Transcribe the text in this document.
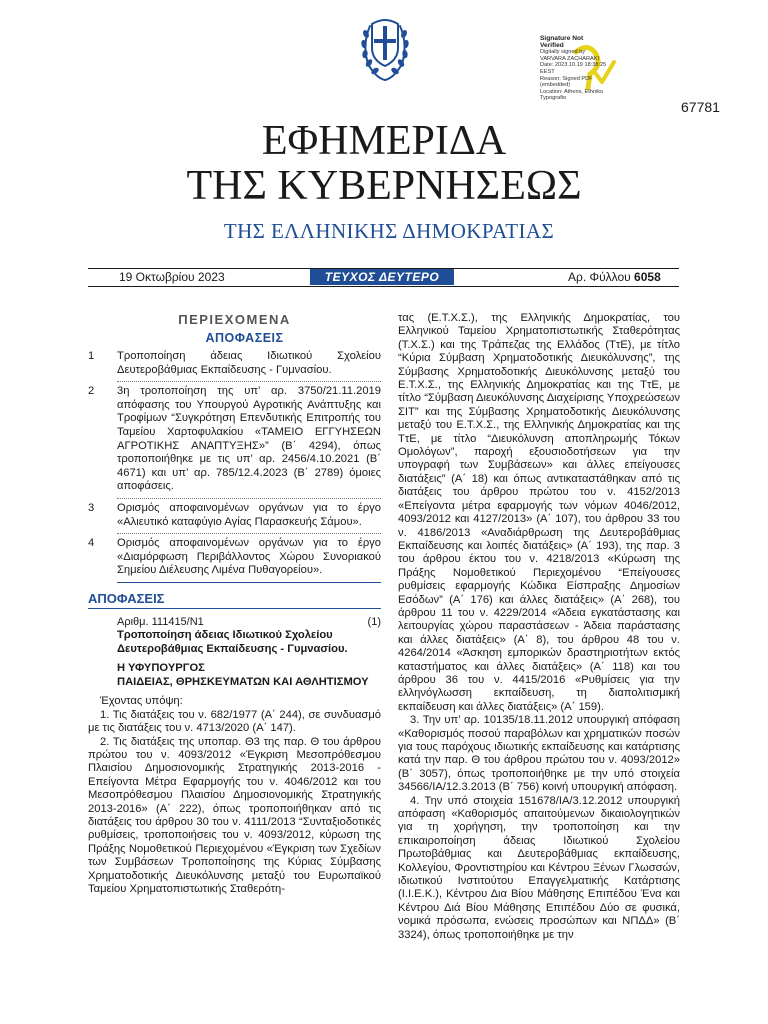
Signature Not
Verified
Digitally signed by
VARVARA ZACHARAKI
Date: 2023.10.19 18:38:25
EEST
Reason: Signed PDF
(embedded)
Location: Athens, Ethniko
Typografio
67781
ΕΦΗΜΕΡΙΔΑ
ΤΗΣ ΚΥΒΕΡΝΗΣΕΩΣ
ΤΗΣ ΕΛΛΗΝΙΚΗΣ ΔΗΜΟΚΡΑΤΙΑΣ
19 Οκτωβρίου 2023	ΤΕΥΧΟΣ ΔΕΥΤΕΡΟ	Αρ. Φύλλου 6058
ΠΕΡΙΕΧΟΜΕΝΑ
ΑΠΟΦΑΣΕΙΣ
1 Τροποποίηση άδειας Ιδιωτικού Σχολείου Δευτεροβάθμιας Εκπαίδευσης - Γυμνασίου.
2 3η τροποποίηση της υπ’ αρ. 3750/21.11.2019 απόφασης του Υπουργού Αγροτικής Ανάπτυξης και Τροφίμων “Συγκρότηση Επενδυτικής Επιτροπής του Ταμείου Χαρτοφυλακίου «ΤΑΜΕΙΟ ΕΓΓΥΗΣΕΩΝ ΑΓΡΟΤΙΚΗΣ ΑΝΑΠΤΥΞΗΣ»” (Β΄ 4294), όπως τροποποιήθηκε με τις υπ’ αρ. 2456/4.10.2021 (Β΄ 4671) και υπ’ αρ. 785/12.4.2023 (Β΄ 2789) όμοιες αποφάσεις.
3 Ορισμός αποφαινομένων οργάνων για το έργο «Αλιευτικό καταφύγιο Αγίας Παρασκευής Σάμου».
4 Ορισμός αποφαινομένων οργάνων για το έργο «Διαμόρφωση Περιβάλλοντος Χώρου Συνοριακού Σημείου Διέλευσης Λιμένα Πυθαγορείου».
ΑΠΟΦΑΣΕΙΣ
Αριθμ. 111415/Ν1	(1)
Τροποποίηση άδειας Ιδιωτικού Σχολείου Δευτεροβάθμιας Εκπαίδευσης - Γυμνασίου.
Η ΥΦΥΠΟΥΡΓΟΣ
ΠΑΙΔΕΙΑΣ, ΘΡΗΣΚΕΥΜΑΤΩΝ ΚΑΙ ΑΘΛΗΤΙΣΜΟΥ
Έχοντας υπόψη:
1. Τις διατάξεις του ν. 682/1977 (Α΄ 244), σε συνδυασμό με τις διατάξεις του ν. 4713/2020 (Α΄ 147).
2. Τις διατάξεις της υποπαρ. Θ3 της παρ. Θ του άρθρου πρώτου του ν. 4093/2012 «Έγκριση Μεσοπρόθεσμου Πλαισίου Δημοσιονομικής Στρατηγικής 2013-2016 - Επείγοντα Μέτρα Εφαρμογής του ν. 4046/2012 και του Μεσοπρόθεσμου Πλαισίου Δημοσιονομικής Στρατηγικής 2013-2016» (Α΄ 222), όπως τροποποιήθηκαν από τις διατάξεις του άρθρου 30 του ν. 4111/2013 “Συνταξιοδοτικές ρυθμίσεις, τροποποιήσεις του ν. 4093/2012, κύρωση της Πράξης Νομοθετικού Περιεχομένου «Έγκριση των Σχεδίων των Συμβάσεων Τροποποίησης της Κύριας Σύμβασης Χρηματοδοτικής Διευκόλυνσης μεταξύ του Ευρωπαϊκού Ταμείου Χρηματοπιστωτικής Σταθερότη-
τας (Ε.Τ.Χ.Σ.), της Ελληνικής Δημοκρατίας, του Ελληνικού Ταμείου Χρηματοπιστωτικής Σταθερότητας (Τ.Χ.Σ.) και της Τράπεζας της Ελλάδος (ΤτΕ), με τίτλο “Κύρια Σύμβαση Χρηματοδοτικής Διευκόλυνσης”, της Σύμβασης Χρηματοδοτικής Διευκόλυνσης μεταξύ του Ε.Τ.Χ.Σ., της Ελληνικής Δημοκρατίας και της ΤτΕ, με τίτλο “Σύμβαση Διευκόλυνσης Διαχείρισης Υποχρεώσεων ΣΙΤ” και της Σύμβασης Χρηματοδοτικής Διευκόλυνσης μεταξύ του Ε.Τ.Χ.Σ., της Ελληνικής Δημοκρατίας και της ΤτΕ, με τίτλο “Διευκόλυνση αποπληρωμής Τόκων Ομολόγων”, παροχή εξουσιοδοτήσεων για την υπογραφή των Συμβάσεων» και άλλες επείγουσες διατάξεις” (Α΄ 18) και όπως αντικαταστάθηκαν από τις διατάξεις του άρθρου πρώτου του ν. 4152/2013 «Επείγοντα μέτρα εφαρμογής των νόμων 4046/2012, 4093/2012 και 4127/2013» (Α΄ 107), του άρθρου 33 του ν. 4186/2013 «Αναδιάρθρωση της Δευτεροβάθμιας Εκπαίδευσης και λοιπές διατάξεις» (Α΄ 193), της παρ. 3 του άρθρου έκτου του ν. 4218/2013 «Κύρωση της Πράξης Νομοθετικού Περιεχομένου “Επείγουσες ρυθμίσεις εφαρμογής Κώδικα Είσπραξης Δημοσίων Εσόδων” (Α΄ 176) και άλλες διατάξεις» (Α΄ 268), του άρθρου 11 του ν. 4229/2014 «Άδεια εγκατάστασης και λειτουργίας χώρου παραστάσεων - Άδεια παράστασης και άλλες διατάξεις» (Α΄ 8), του άρθρου 48 του ν. 4264/2014 «Άσκηση εμπορικών δραστηριοτήτων εκτός καταστήματος και άλλες διατάξεις» (Α΄ 118) και του άρθρου 36 του ν. 4415/2016 «Ρυθμίσεις για την ελληνόγλωσση εκπαίδευση, τη διαπολιτισμική εκπαίδευση και άλλες διατάξεις» (Α΄ 159).
3. Την υπ’ αρ. 10135/18.11.2012 υπουργική απόφαση «Καθορισμός ποσού παραβόλων και χρηματικών ποσών για τους παρόχους ιδιωτικής εκπαίδευσης και κατάρτισης κατά την παρ. Θ του άρθρου πρώτου του ν. 4093/2012» (Β΄ 3057), όπως τροποποιήθηκε με την υπό στοιχεία 34566/ΙΑ/12.3.2013 (Β΄ 756) κοινή υπουργική απόφαση.
4. Την υπό στοιχεία 151678/ΙΑ/3.12.2012 υπουργική απόφαση «Καθορισμός απαιτούμενων δικαιολογητικών για τη χορήγηση, την τροποποίηση και την επικαιροποίηση άδειας Ιδιωτικού Σχολείου Πρωτοβάθμιας και Δευτεροβάθμιας εκπαίδευσης, Κολλεγίου, Φροντιστηρίου και Κέντρου Ξένων Γλωσσών, ιδιωτικού Ινστιτούτου Επαγγελματικής Κατάρτισης (Ι.Ι.Ε.Κ.), Κέντρου Δια Βίου Μάθησης Επιπέδου Ένα και Κέντρου Διά Βίου Μάθησης Επιπέδου Δύο σε φυσικά, νομικά πρόσωπα, ενώσεις προσώπων και ΝΠΔΔ» (Β΄ 3324), όπως τροποποιήθηκε με την
